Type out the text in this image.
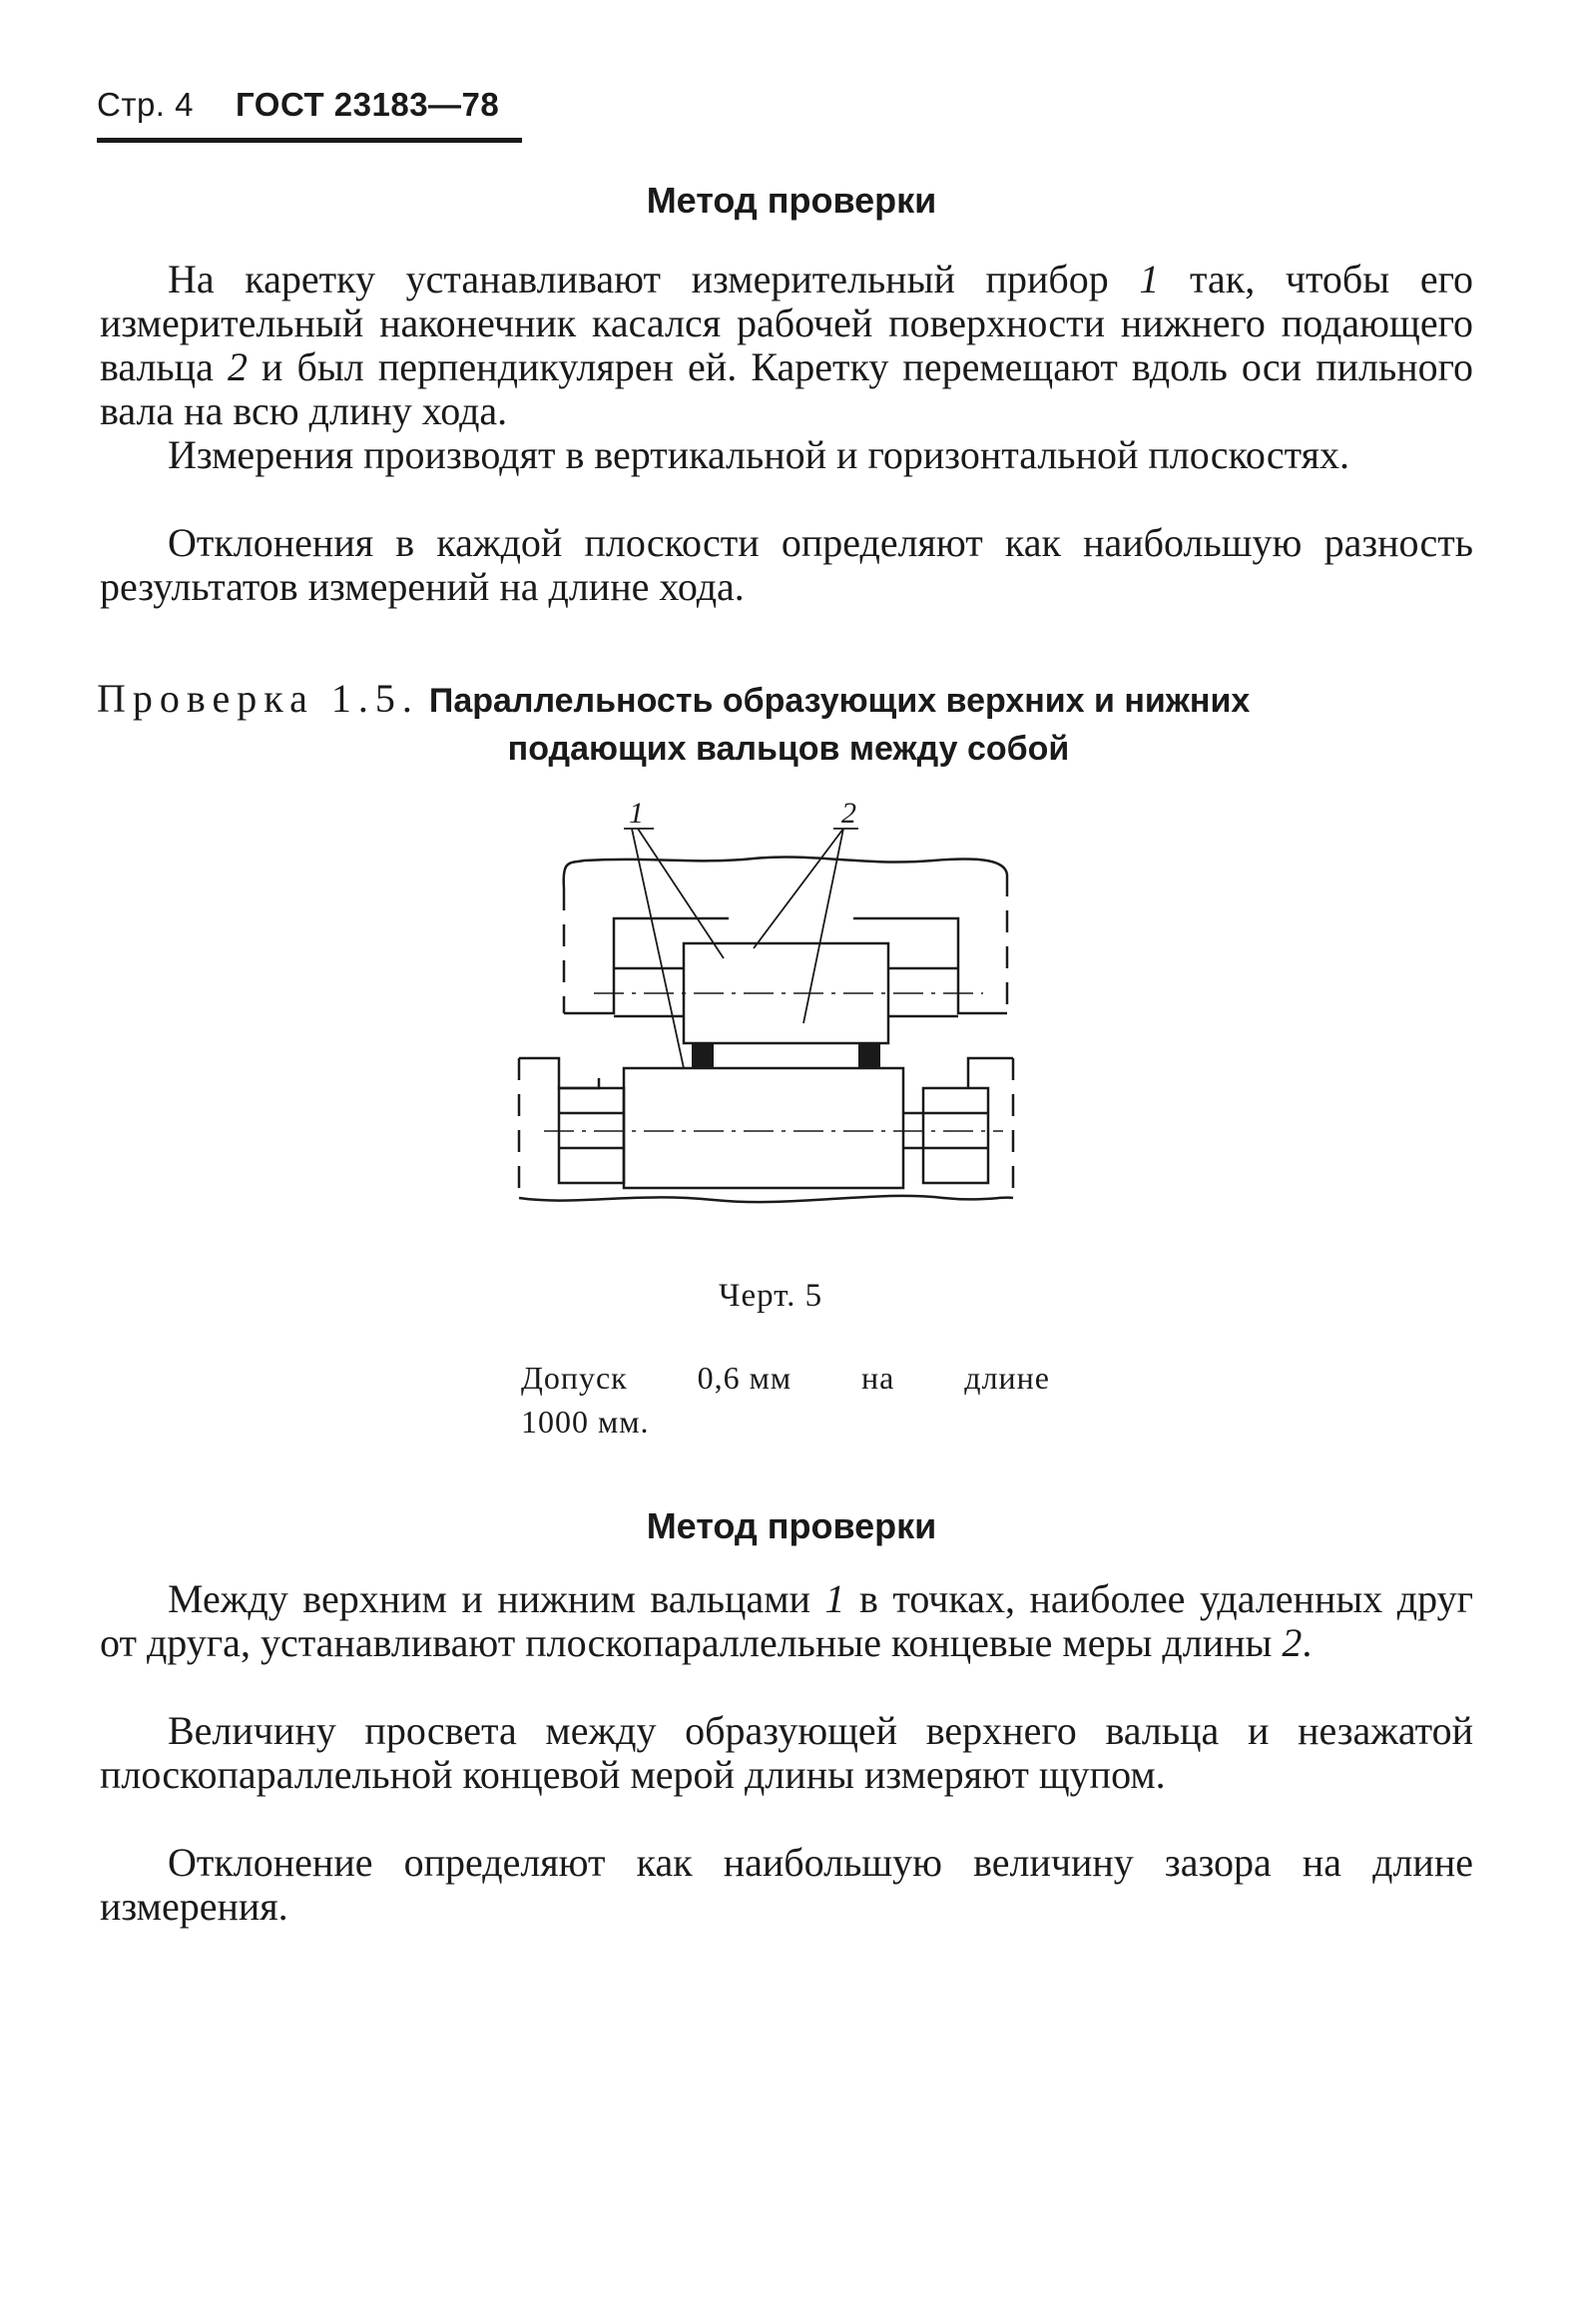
Стр. 4 ГОСТ 23183—78
Метод проверки

На каретку устанавливают измерительный прибор 1 так, чтобы его измерительный наконечник касался рабочей поверхности нижнего подающего вальца 2 и был перпендикулярен ей. Каретку перемещают вдоль оси пильного вала на всю длину хода.

Измерения производят в вертикальной и горизонтальной плоскостях.

Отклонения в каждой плоскости определяют как наибольшую разность результатов измерений на длине хода.

Проверка 1.5. Параллельность образующих верхних и нижних
подающих вальцов между собой
1	2
Черт. 5
Допуск 0,6 мм на длине
1000 мм.
Метод проверки

Между верхним и нижним вальцами 1 в точках, наиболее удаленных друг от друга, устанавливают плоскопараллельные концевые меры длины 2.

Величину просвета между образующей верхнего вальца и незажатой плоскопараллельной концевой мерой длины измеряют щупом.

Отклонение определяют как наибольшую величину зазора на длине измерения.
